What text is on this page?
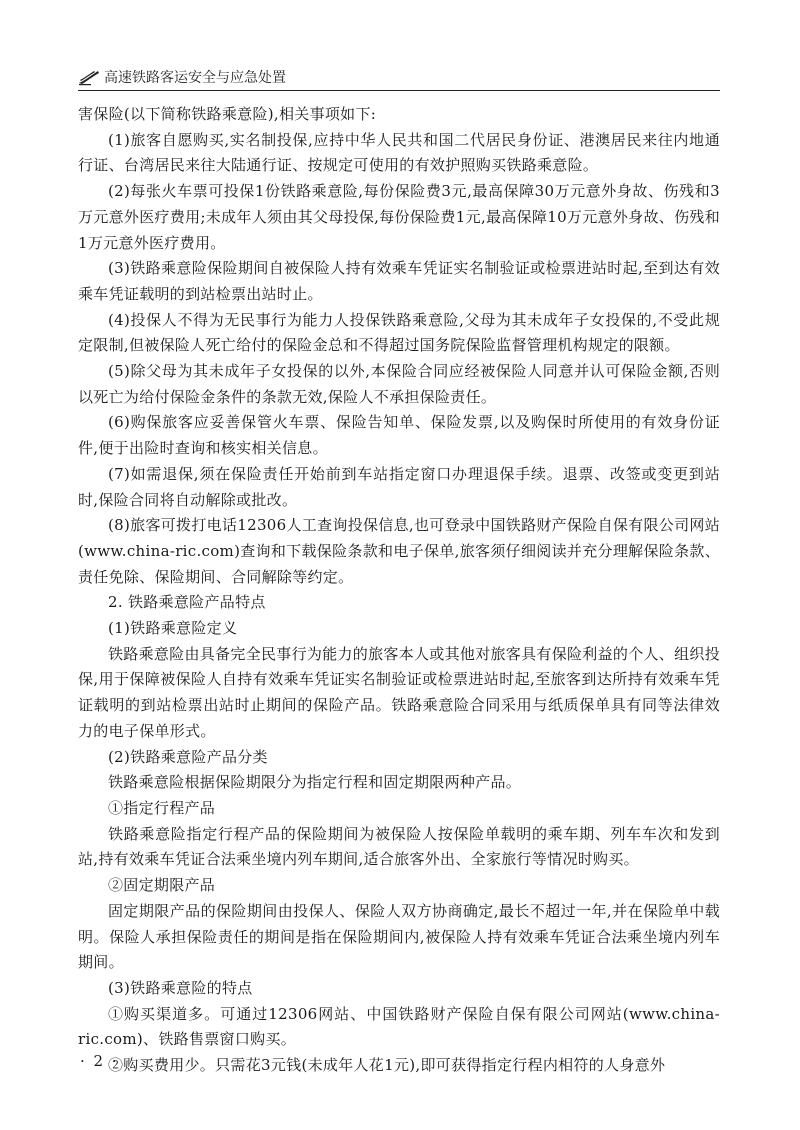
高速铁路客运安全与应急处置

害保险(以下简称铁路乘意险),相关事项如下:

(1)旅客自愿购买,实名制投保,应持中华人民共和国二代居民身份证、港澳居民来往内地通行证、台湾居民来往大陆通行证、按规定可使用的有效护照购买铁路乘意险。

(2)每张火车票可投保1份铁路乘意险,每份保险费3元,最高保障30万元意外身故、伤残和3万元意外医疗费用;未成年人须由其父母投保,每份保险费1元,最高保障10万元意外身故、伤残和1万元意外医疗费用。

(3)铁路乘意险保险期间自被保险人持有效乘车凭证实名制验证或检票进站时起,至到达有效乘车凭证载明的到站检票出站时止。

(4)投保人不得为无民事行为能力人投保铁路乘意险,父母为其未成年子女投保的,不受此规定限制,但被保险人死亡给付的保险金总和不得超过国务院保险监督管理机构规定的限额。

(5)除父母为其未成年子女投保的以外,本保险合同应经被保险人同意并认可保险金额,否则以死亡为给付保险金条件的条款无效,保险人不承担保险责任。

(6)购保旅客应妥善保管火车票、保险告知单、保险发票,以及购保时所使用的有效身份证件,便于出险时查询和核实相关信息。

(7)如需退保,须在保险责任开始前到车站指定窗口办理退保手续。退票、改签或变更到站时,保险合同将自动解除或批改。

(8)旅客可拨打电话12306人工查询投保信息,也可登录中国铁路财产保险自保有限公司网站(www.china-ric.com)查询和下载保险条款和电子保单,旅客须仔细阅读并充分理解保险条款、责任免除、保险期间、合同解除等约定。

2. 铁路乘意险产品特点

(1)铁路乘意险定义

铁路乘意险由具备完全民事行为能力的旅客本人或其他对旅客具有保险利益的个人、组织投保,用于保障被保险人自持有效乘车凭证实名制验证或检票进站时起,至旅客到达所持有效乘车凭证载明的到站检票出站时止期间的保险产品。铁路乘意险合同采用与纸质保单具有同等法律效力的电子保单形式。

(2)铁路乘意险产品分类

铁路乘意险根据保险期限分为指定行程和固定期限两种产品。

①指定行程产品

铁路乘意险指定行程产品的保险期间为被保险人按保险单载明的乘车期、列车车次和发到站,持有效乘车凭证合法乘坐境内列车期间,适合旅客外出、全家旅行等情况时购买。

②固定期限产品

固定期限产品的保险期间由投保人、保险人双方协商确定,最长不超过一年,并在保险单中载明。保险人承担保险责任的期间是指在保险期间内,被保险人持有效乘车凭证合法乘坐境内列车期间。

(3)铁路乘意险的特点

①购买渠道多。可通过12306网站、中国铁路财产保险自保有限公司网站(www.china-ric.com)、铁路售票窗口购买。

②购买费用少。只需花3元钱(未成年人花1元),即可获得指定行程内相符的人身意外

· 2 ·
